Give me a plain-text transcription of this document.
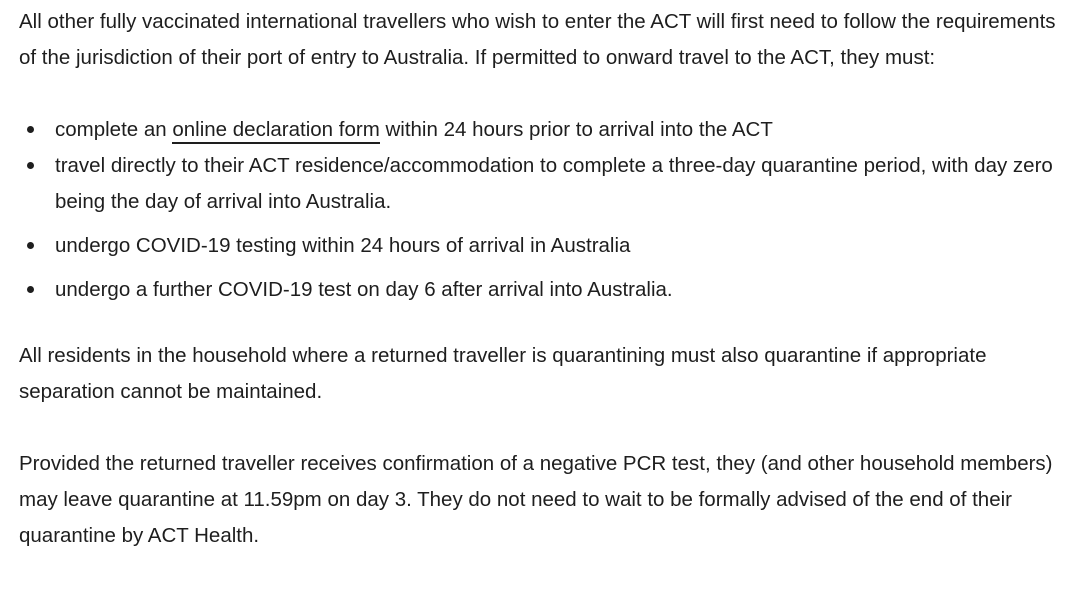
All other fully vaccinated international travellers who wish to enter the ACT will first need to follow the requirements of the jurisdiction of their port of entry to Australia. If permitted to onward travel to the ACT, they must:

complete an online declaration form within 24 hours prior to arrival into the ACT
travel directly to their ACT residence/accommodation to complete a three-day quarantine period, with day zero being the day of arrival into Australia.
undergo COVID-19 testing within 24 hours of arrival in Australia
undergo a further COVID-19 test on day 6 after arrival into Australia.

All residents in the household where a returned traveller is quarantining must also quarantine if appropriate separation cannot be maintained.

Provided the returned traveller receives confirmation of a negative PCR test, they (and other household members) may leave quarantine at 11.59pm on day 3. They do not need to wait to be formally advised of the end of their quarantine by ACT Health.
